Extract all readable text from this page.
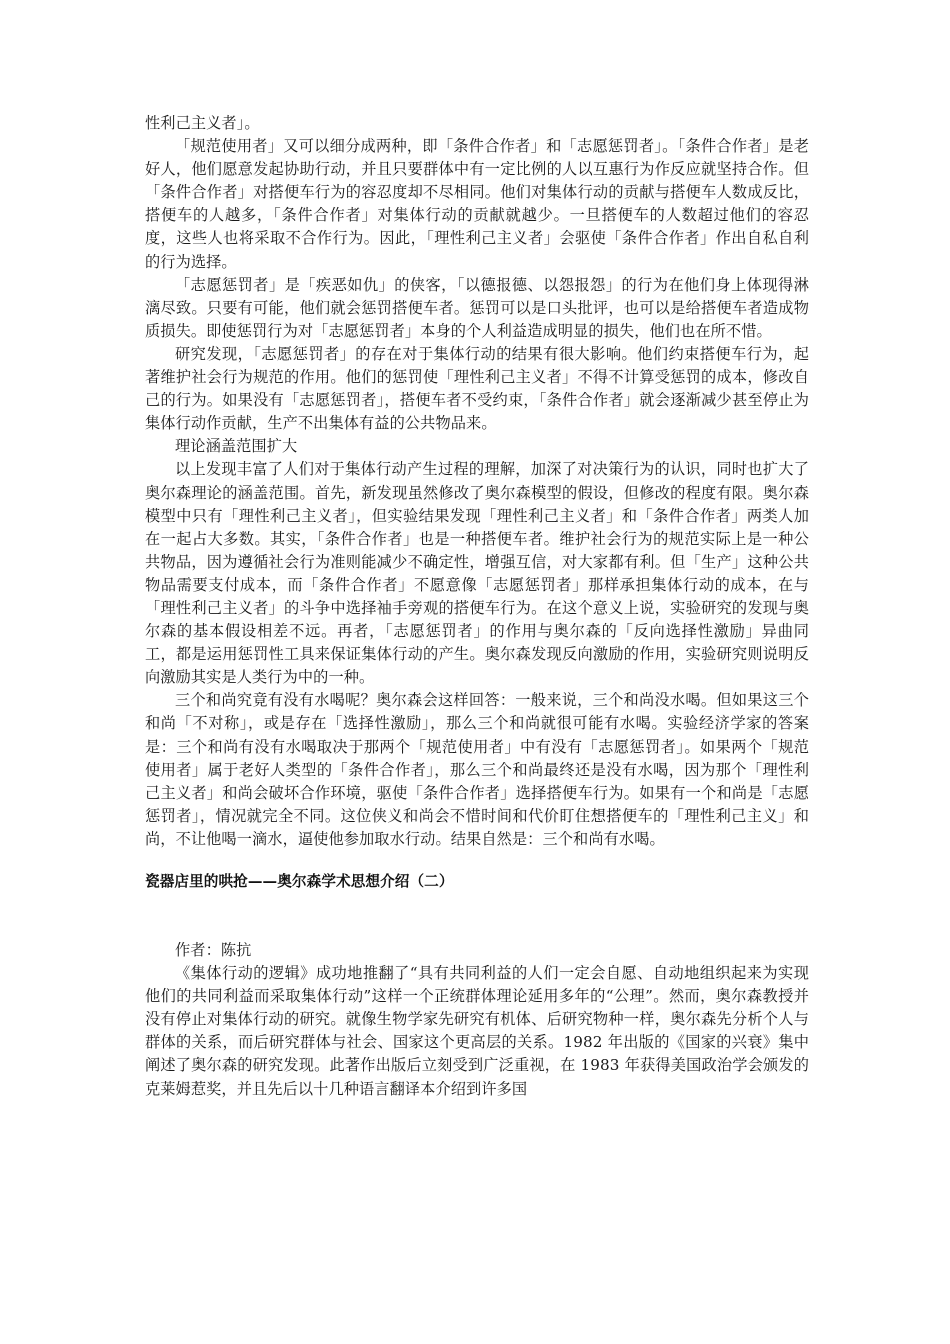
性利己主义者」。

「规范使用者」又可以细分成两种，即「条件合作者」和「志愿惩罚者」。「条件合作者」是老好人，他们愿意发起协助行动，并且只要群体中有一定比例的人以互惠行为作反应就坚持合作。但「条件合作者」对搭便车行为的容忍度却不尽相同。他们对集体行动的贡献与搭便车人数成反比，搭便车的人越多，「条件合作者」对集体行动的贡献就越少。一旦搭便车的人数超过他们的容忍度，这些人也将采取不合作行为。因此，「理性利己主义者」会驱使「条件合作者」作出自私自利的行为选择。

「志愿惩罚者」是「疾恶如仇」的侠客，「以德报德、以怨报怨」的行为在他们身上体现得淋漓尽致。只要有可能，他们就会惩罚搭便车者。惩罚可以是口头批评，也可以是给搭便车者造成物质损失。即使惩罚行为对「志愿惩罚者」本身的个人利益造成明显的损失，他们也在所不惜。

研究发现，「志愿惩罚者」的存在对于集体行动的结果有很大影响。他们约束搭便车行为，起著维护社会行为规范的作用。他们的惩罚使「理性利己主义者」不得不计算受惩罚的成本，修改自己的行为。如果没有「志愿惩罚者」，搭便车者不受约束，「条件合作者」就会逐渐减少甚至停止为集体行动作贡献，生产不出集体有益的公共物品来。

理论涵盖范围扩大

以上发现丰富了人们对于集体行动产生过程的理解，加深了对决策行为的认识，同时也扩大了奥尔森理论的涵盖范围。首先，新发现虽然修改了奥尔森模型的假设，但修改的程度有限。奥尔森模型中只有「理性利己主义者」，但实验结果发现「理性利己主义者」和「条件合作者」两类人加在一起占大多数。其实，「条件合作者」也是一种搭便车者。维护社会行为的规范实际上是一种公共物品，因为遵循社会行为准则能减少不确定性，增强互信，对大家都有利。但「生产」这种公共物品需要支付成本，而「条件合作者」不愿意像「志愿惩罚者」那样承担集体行动的成本，在与「理性利己主义者」的斗争中选择袖手旁观的搭便车行为。在这个意义上说，实验研究的发现与奥尔森的基本假设相差不远。再者，「志愿惩罚者」的作用与奥尔森的「反向选择性激励」异曲同工，都是运用惩罚性工具来保证集体行动的产生。奥尔森发现反向激励的作用，实验研究则说明反向激励其实是人类行为中的一种。

三个和尚究竟有没有水喝呢？奥尔森会这样回答：一般来说，三个和尚没水喝。但如果这三个和尚「不对称」，或是存在「选择性激励」，那么三个和尚就很可能有水喝。实验经济学家的答案是：三个和尚有没有水喝取决于那两个「规范使用者」中有没有「志愿惩罚者」。如果两个「规范使用者」属于老好人类型的「条件合作者」，那么三个和尚最终还是没有水喝，因为那个「理性利己主义者」和尚会破坏合作环境，驱使「条件合作者」选择搭便车行为。如果有一个和尚是「志愿惩罚者」，情况就完全不同。这位侠义和尚会不惜时间和代价盯住想搭便车的「理性利己主义」和尚，不让他喝一滴水，逼使他参加取水行动。结果自然是：三个和尚有水喝。

瓷器店里的哄抢——奥尔森学术思想介绍（二）

作者：陈抗

《集体行动的逻辑》成功地推翻了“具有共同利益的人们一定会自愿、自动地组织起来为实现他们的共同利益而采取集体行动”这样一个正统群体理论延用多年的“公理”。然而，奥尔森教授并没有停止对集体行动的研究。就像生物学家先研究有机体、后研究物种一样，奥尔森先分析个人与群体的关系，而后研究群体与社会、国家这个更高层的关系。1982 年出版的《国家的兴衰》集中阐述了奥尔森的研究发现。此著作出版后立刻受到广泛重视，在 1983 年获得美国政治学会颁发的克莱姆惹奖，并且先后以十几种语言翻译本介绍到许多国
